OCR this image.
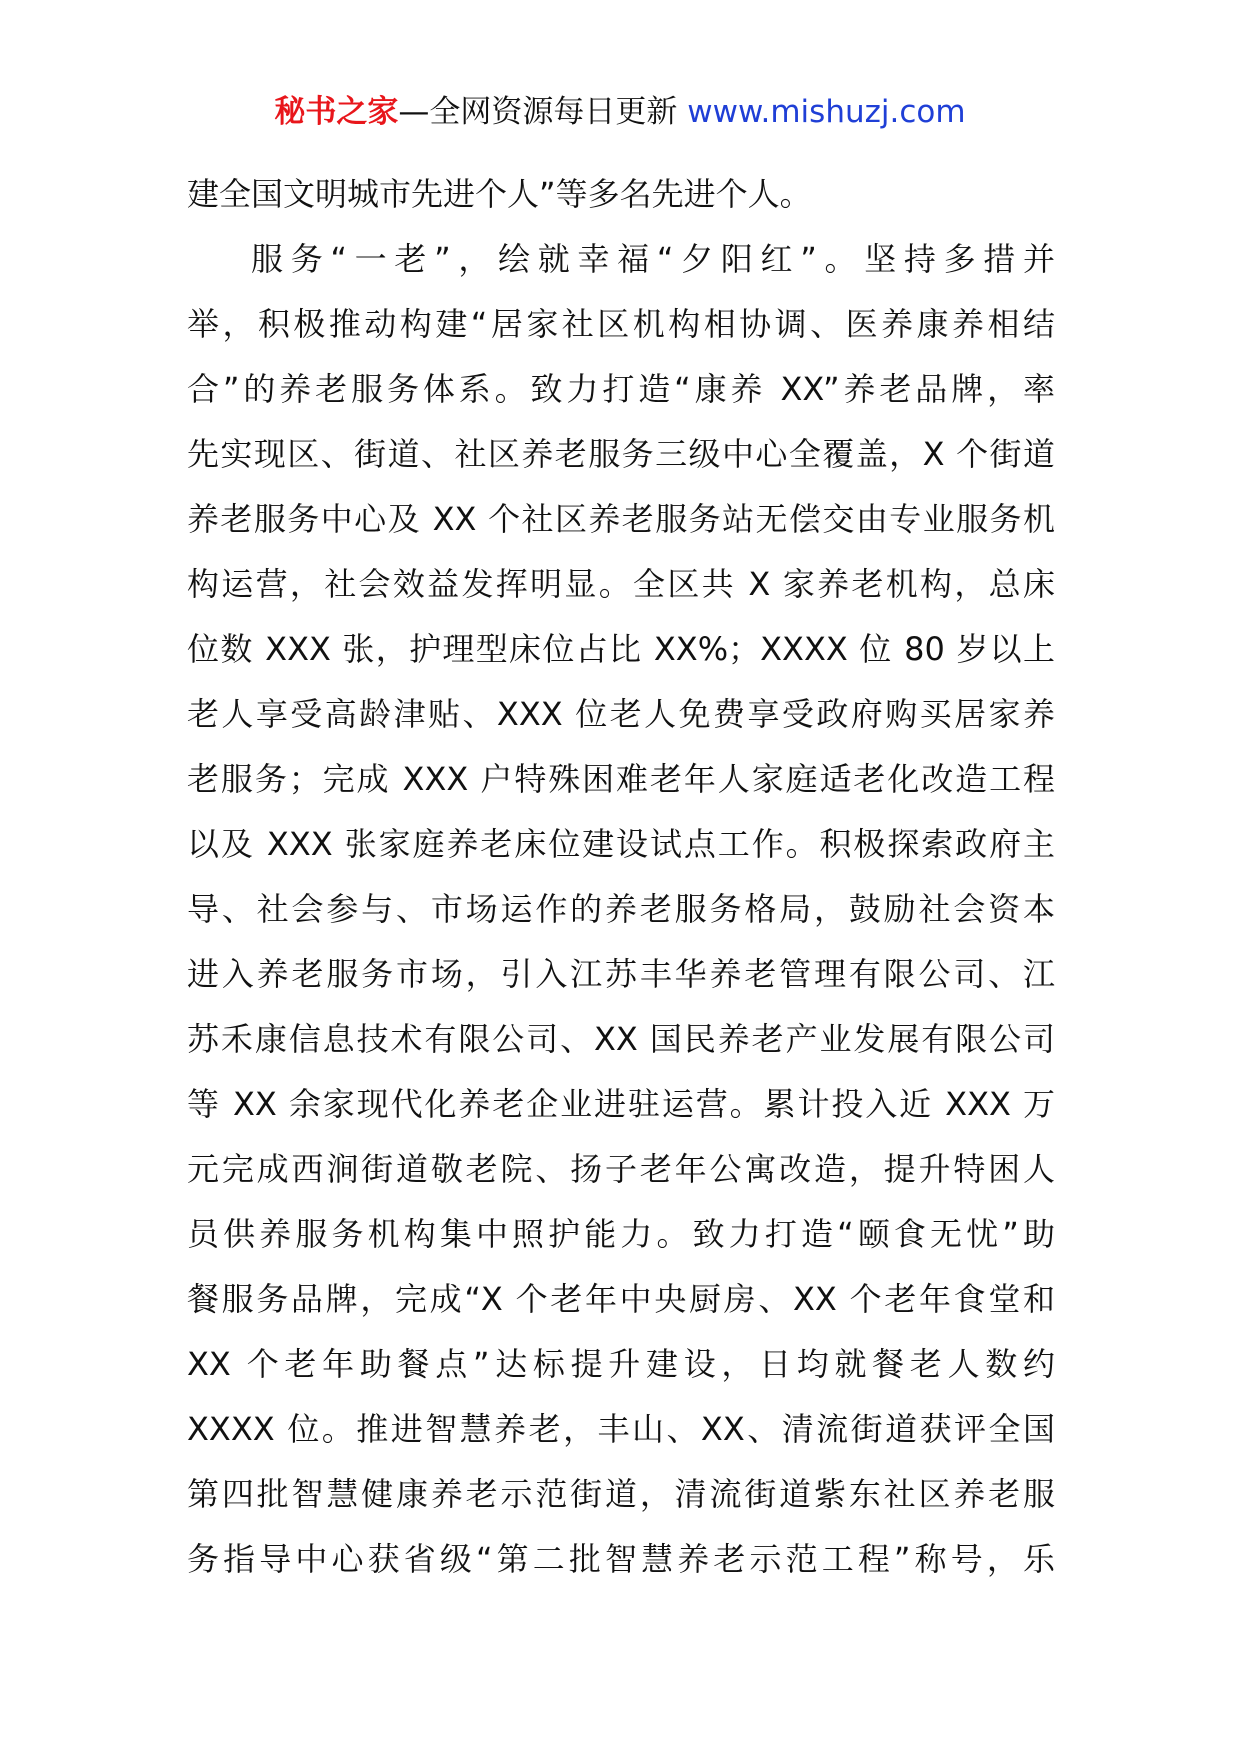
秘书之家—全网资源每日更新 www.mishuzj.com
建全国文明城市先进个人”等多名先进个人。
服务“一老”，绘就幸福“夕阳红”。坚持多措并
举，积极推动构建“居家社区机构相协调、医养康养相结
合”的养老服务体系。致力打造“康养 XX”养老品牌，率
先实现区、街道、社区养老服务三级中心全覆盖，X 个街道
养老服务中心及 XX 个社区养老服务站无偿交由专业服务机
构运营，社会效益发挥明显。全区共 X 家养老机构，总床
位数 XXX 张，护理型床位占比 XX%；XXXX 位 80 岁以上
老人享受高龄津贴、XXX 位老人免费享受政府购买居家养
老服务；完成 XXX 户特殊困难老年人家庭适老化改造工程
以及 XXX 张家庭养老床位建设试点工作。积极探索政府主
导、社会参与、市场运作的养老服务格局，鼓励社会资本
进入养老服务市场，引入江苏丰华养老管理有限公司、江
苏禾康信息技术有限公司、XX 国民养老产业发展有限公司
等 XX 余家现代化养老企业进驻运营。累计投入近 XXX 万
元完成西涧街道敬老院、扬子老年公寓改造，提升特困人
员供养服务机构集中照护能力。致力打造“颐食无忧”助
餐服务品牌，完成“X 个老年中央厨房、XX 个老年食堂和
XX 个老年助餐点”达标提升建设，日均就餐老人数约
XXXX 位。推进智慧养老，丰山、XX、清流街道获评全国
第四批智慧健康养老示范街道，清流街道紫东社区养老服
务指导中心获省级“第二批智慧养老示范工程”称号，乐
